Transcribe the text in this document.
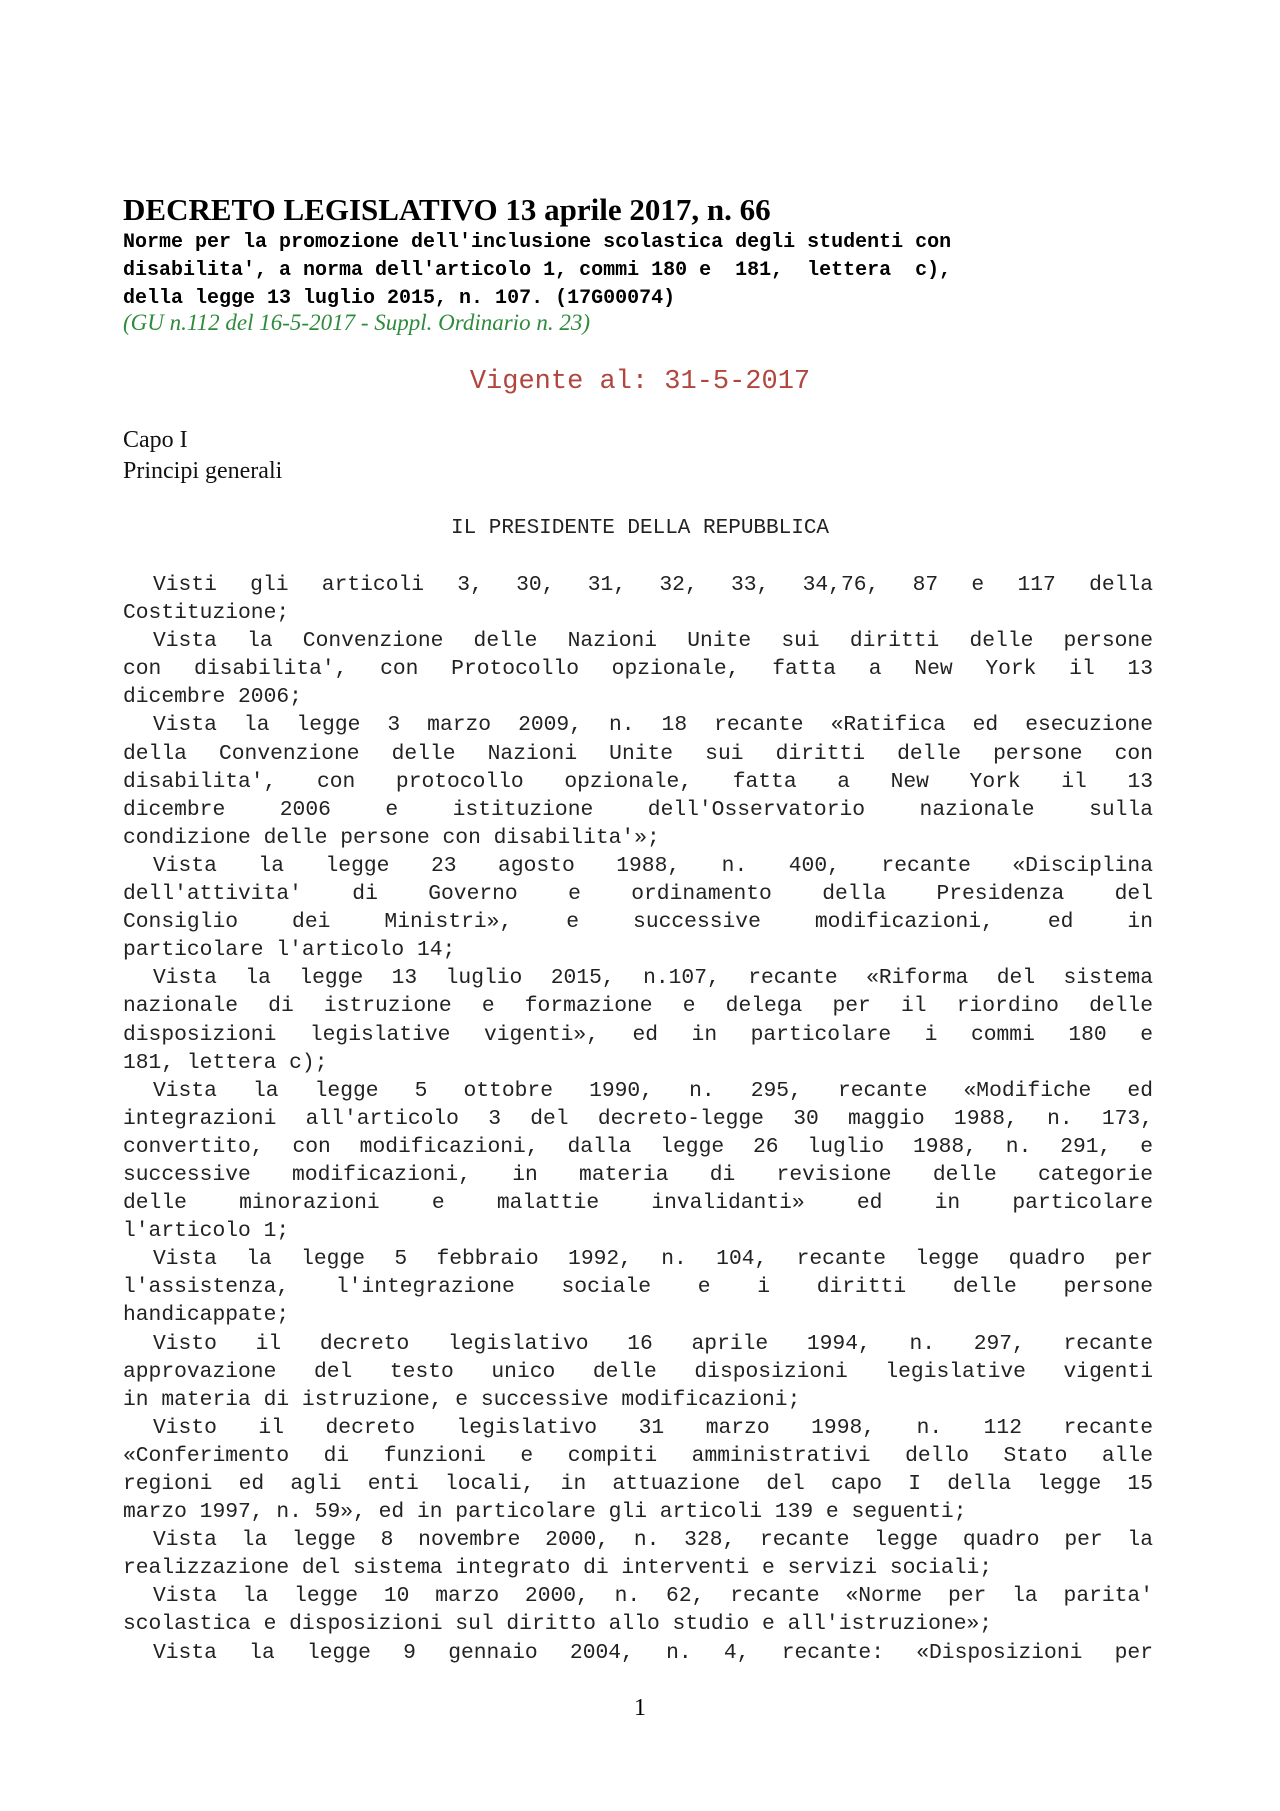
DECRETO LEGISLATIVO 13 aprile 2017, n. 66
Norme per la promozione dell'inclusione scolastica degli studenti con
disabilita', a norma dell'articolo 1, commi 180 e  181,  lettera  c),
della legge 13 luglio 2015, n. 107. (17G00074)
(GU n.112 del 16-5-2017 - Suppl. Ordinario n. 23)
Vigente al: 31-5-2017
Capo I
Principi generali
IL PRESIDENTE DELLA REPUBBLICA
Visti gli articoli 3, 30, 31, 32, 33, 34,76, 87 e 117 della
Costituzione;
Vista la Convenzione delle Nazioni Unite sui diritti delle persone
con disabilita', con Protocollo opzionale, fatta a New York il 13
dicembre 2006;
Vista la legge 3 marzo 2009, n. 18 recante «Ratifica ed esecuzione
della Convenzione delle Nazioni Unite sui diritti delle persone con
disabilita', con protocollo opzionale, fatta a New York il 13
dicembre 2006 e istituzione dell'Osservatorio nazionale sulla
condizione delle persone con disabilita'»;
Vista la legge 23 agosto 1988, n. 400, recante «Disciplina
dell'attivita' di Governo e ordinamento della Presidenza del
Consiglio dei Ministri», e successive modificazioni, ed in
particolare l'articolo 14;
Vista la legge 13 luglio 2015, n.107, recante «Riforma del sistema
nazionale di istruzione e formazione e delega per il riordino delle
disposizioni legislative vigenti», ed in particolare i commi 180 e
181, lettera c);
Vista la legge 5 ottobre 1990, n. 295, recante «Modifiche ed
integrazioni all'articolo 3 del decreto-legge 30 maggio 1988, n. 173,
convertito, con modificazioni, dalla legge 26 luglio 1988, n. 291, e
successive modificazioni, in materia di revisione delle categorie
delle minorazioni e malattie invalidanti» ed in particolare
l'articolo 1;
Vista la legge 5 febbraio 1992, n. 104, recante legge quadro per
l'assistenza, l'integrazione sociale e i diritti delle persone
handicappate;
Visto il decreto legislativo 16 aprile 1994, n. 297, recante
approvazione del testo unico delle disposizioni legislative vigenti
in materia di istruzione, e successive modificazioni;
Visto il decreto legislativo 31 marzo 1998, n. 112 recante
«Conferimento di funzioni e compiti amministrativi dello Stato alle
regioni ed agli enti locali, in attuazione del capo I della legge 15
marzo 1997, n. 59», ed in particolare gli articoli 139 e seguenti;
Vista la legge 8 novembre 2000, n. 328, recante legge quadro per la
realizzazione del sistema integrato di interventi e servizi sociali;
Vista la legge 10 marzo 2000, n. 62, recante «Norme per la parita'
scolastica e disposizioni sul diritto allo studio e all'istruzione»;
Vista la legge 9 gennaio 2004, n. 4, recante: «Disposizioni per
1
